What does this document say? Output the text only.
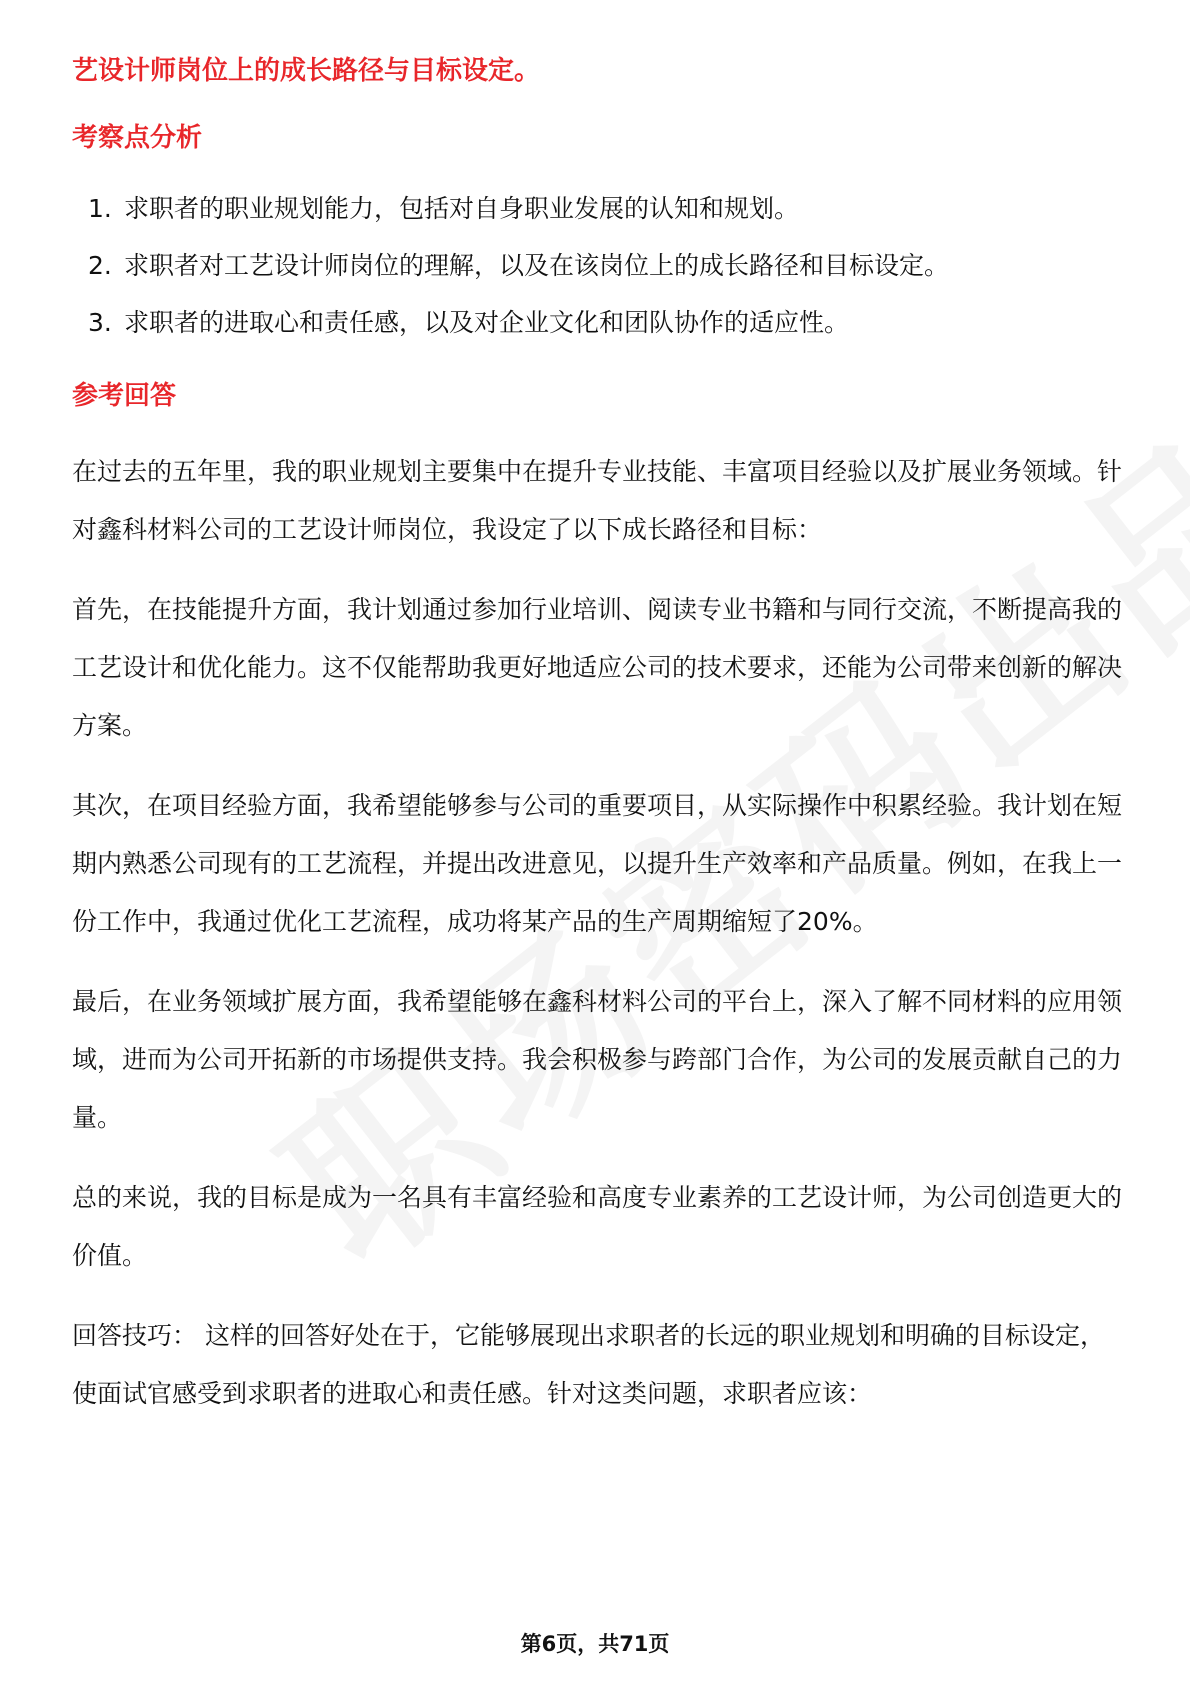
艺设计师岗位上的成长路径与目标设定。

考察点分析

1. 求职者的职业规划能力，包括对自身职业发展的认知和规划。
2. 求职者对工艺设计师岗位的理解，以及在该岗位上的成长路径和目标设定。
3. 求职者的进取心和责任感，以及对企业文化和团队协作的适应性。

参考回答

在过去的五年里，我的职业规划主要集中在提升专业技能、丰富项目经验以及扩展业务领域。针对鑫科材料公司的工艺设计师岗位，我设定了以下成长路径和目标：

首先，在技能提升方面，我计划通过参加行业培训、阅读专业书籍和与同行交流，不断提高我的工艺设计和优化能力。这不仅能帮助我更好地适应公司的技术要求，还能为公司带来创新的解决方案。

其次，在项目经验方面，我希望能够参与公司的重要项目，从实际操作中积累经验。我计划在短期内熟悉公司现有的工艺流程，并提出改进意见，以提升生产效率和产品质量。例如，在我上一份工作中，我通过优化工艺流程，成功将某产品的生产周期缩短了20%。

最后，在业务领域扩展方面，我希望能够在鑫科材料公司的平台上，深入了解不同材料的应用领域，进而为公司开拓新的市场提供支持。我会积极参与跨部门合作，为公司的发展贡献自己的力量。

总的来说，我的目标是成为一名具有丰富经验和高度专业素养的工艺设计师，为公司创造更大的价值。

回答技巧： 这样的回答好处在于，它能够展现出求职者的长远的职业规划和明确的目标设定，使面试官感受到求职者的进取心和责任感。针对这类问题，求职者应该：

第6页，共71页
